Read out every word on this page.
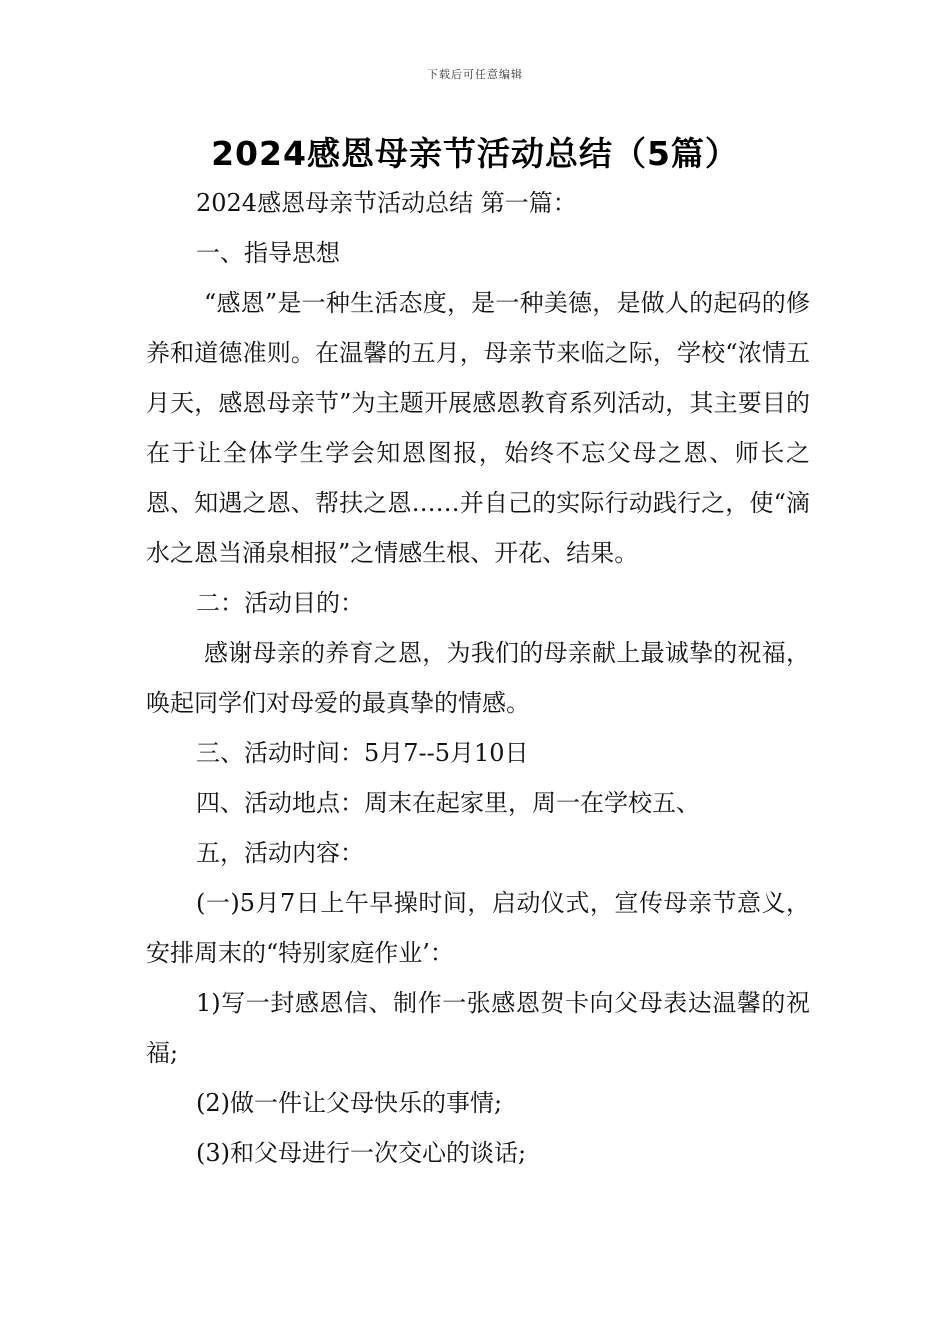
下载后可任意编辑
2024感恩母亲节活动总结（5篇）

2024感恩母亲节活动总结 第一篇：

一、指导思想

“感恩”是一种生活态度，是一种美德，是做人的起码的修养和道德准则。在温馨的五月，母亲节来临之际，学校“浓情五月天，感恩母亲节”为主题开展感恩教育系列活动，其主要目的在于让全体学生学会知恩图报，始终不忘父母之恩、师长之恩、知遇之恩、帮扶之恩……并自己的实际行动践行之，使“滴水之恩当涌泉相报”之情感生根、开花、结果。

二：活动目的：

感谢母亲的养育之恩，为我们的母亲献上最诚挚的祝福，唤起同学们对母爱的最真挚的情感。

三、活动时间：5月7--5月10日

四、活动地点：周末在起家里，周一在学校五、

五，活动内容：

(一)5月7日上午早操时间，启动仪式，宣传母亲节意义，安排周末的“特别家庭作业’：

1)写一封感恩信、制作一张感恩贺卡向父母表达温馨的祝福;

(2)做一件让父母快乐的事情;

(3)和父母进行一次交心的谈话;
